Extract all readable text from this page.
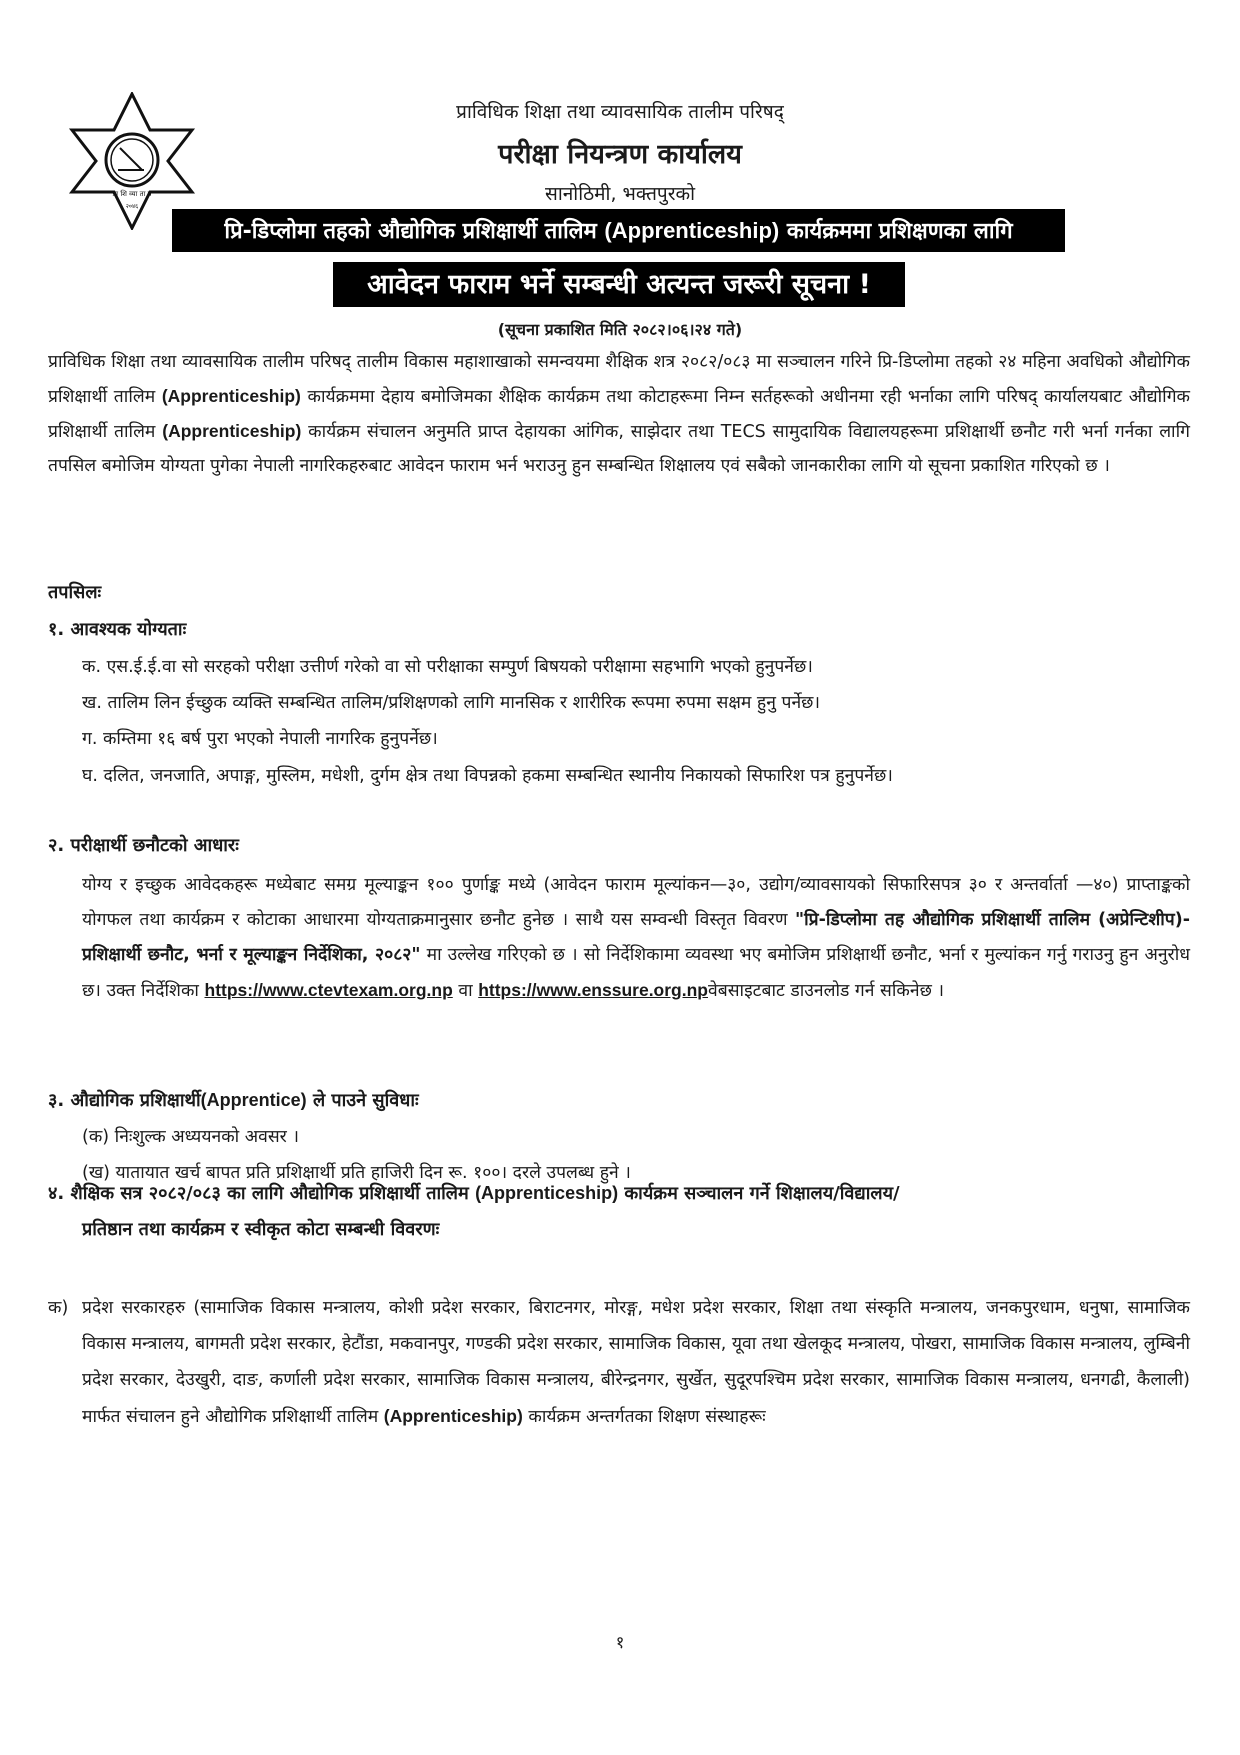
प्रा शि व्या ता प
२०४६
प्राविधिक शिक्षा तथा व्यावसायिक तालीम परिषद्
परीक्षा नियन्त्रण कार्यालय
सानोठिमी, भक्तपुरको
प्रि-डिप्लोमा तहको औद्योगिक प्रशिक्षार्थी तालिम (Apprenticeship) कार्यक्रममा प्रशिक्षणका लागि
आवेदन फाराम भर्ने सम्बन्धी अत्यन्त जरूरी सूचना !
(सूचना प्रकाशित मिति २०८२।०६।२४ गते)
प्राविधिक शिक्षा तथा व्यावसायिक तालीम परिषद् तालीम विकास महाशाखाको समन्वयमा शैक्षिक शत्र २०८२/०८३ मा सञ्चालन गरिने प्रि-डिप्लोमा तहको २४ महिना अवधिको औद्योगिक प्रशिक्षार्थी तालिम (Apprenticeship) कार्यक्रममा देहाय बमोजिमका शैक्षिक कार्यक्रम तथा कोटाहरूमा निम्न सर्तहरूको अधीनमा रही भर्नाका लागि परिषद् कार्यालयबाट औद्योगिक प्रशिक्षार्थी तालिम (Apprenticeship) कार्यक्रम संचालन अनुमति प्राप्त देहायका आंगिक, साझेदार तथा TECS सामुदायिक विद्यालयहरूमा प्रशिक्षार्थी छनौट गरी भर्ना गर्नका लागि तपसिल बमोजिम योग्यता पुगेका नेपाली नागरिकहरुबाट आवेदन फाराम भर्न भराउनु हुन सम्बन्धित शिक्षालय एवं सबैको जानकारीका लागि यो सूचना प्रकाशित गरिएको छ ।
तपसिलः
१. आवश्यक योग्यताः
क. एस.ई.ई.वा सो सरहको परीक्षा उत्तीर्ण गरेको वा सो परीक्षाका सम्पुर्ण बिषयको परीक्षामा सहभागि भएको हुनुपर्नेछ।
ख. तालिम लिन ईच्छुक व्यक्ति सम्बन्धित तालिम/प्रशिक्षणको लागि मानसिक र शारीरिक रूपमा रुपमा सक्षम हुनु पर्नेछ।
ग. कम्तिमा १६ बर्ष पुरा भएको नेपाली नागरिक हुनुपर्नेछ।
घ. दलित, जनजाति, अपाङ्ग, मुस्लिम, मधेशी, दुर्गम क्षेत्र तथा विपन्नको हकमा सम्बन्धित स्थानीय निकायको सिफारिश पत्र हुनुपर्नेछ।
२. परीक्षार्थी छनौटको आधारः
योग्य र इच्छुक आवेदकहरू मध्येबाट समग्र मूल्याङ्कन १०० पुर्णाङ्क मध्ये (आवेदन फाराम मूल्यांकन—३०, उद्योग/व्यावसायको सिफारिसपत्र ३० र अन्तर्वार्ता —४०) प्राप्ताङ्कको योगफल तथा कार्यक्रम र कोटाका आधारमा योग्यताक्रमानुसार छनौट हुनेछ । साथै यस सम्वन्धी विस्तृत विवरण "प्रि-डिप्लोमा तह औद्योगिक प्रशिक्षार्थी तालिम (अप्रेन्टिशीप)- प्रशिक्षार्थी छनौट, भर्ना र मूल्याङ्कन निर्देशिका, २०८२" मा उल्लेख गरिएको छ । सो निर्देशिकामा व्यवस्था भए बमोजिम प्रशिक्षार्थी छनौट, भर्ना र मुल्यांकन गर्नु गराउनु हुन अनुरोध छ। उक्त निर्देशिका https://www.ctevtexam.org.np वा https://www.enssure.org.npवेबसाइटबाट डाउनलोड गर्न सकिनेछ ।
३. औद्योगिक प्रशिक्षार्थी(Apprentice) ले पाउने सुविधाः
(क) निःशुल्क अध्ययनको अवसर ।
(ख) यातायात खर्च बापत प्रति प्रशिक्षार्थी प्रति हाजिरी दिन रू. १००। दरले उपलब्ध हुने ।
४. शैक्षिक सत्र २०८२/०८३ का लागि औद्योगिक प्रशिक्षार्थी तालिम (Apprenticeship) कार्यक्रम सञ्चालन गर्ने शिक्षालय/विद्यालय/
प्रतिष्ठान तथा कार्यक्रम र स्वीकृत कोटा सम्बन्धी विवरणः
क) प्रदेश सरकारहरु (सामाजिक विकास मन्त्रालय, कोशी प्रदेश सरकार, बिराटनगर, मोरङ्ग, मधेश प्रदेश सरकार, शिक्षा तथा संस्कृति मन्त्रालय, जनकपुरधाम, धनुषा, सामाजिक विकास मन्त्रालय, बागमती प्रदेश सरकार, हेटौंडा, मकवानपुर, गण्डकी प्रदेश सरकार, सामाजिक विकास, यूवा तथा खेलकूद मन्त्रालय, पोखरा, सामाजिक विकास मन्त्रालय, लुम्बिनी प्रदेश सरकार, देउखुरी, दाङ, कर्णाली प्रदेश सरकार, सामाजिक विकास मन्त्रालय, बीरेन्द्रनगर, सुर्खेत, सुदूरपश्चिम प्रदेश सरकार, सामाजिक विकास मन्त्रालय, धनगढी, कैलाली) मार्फत संचालन हुने औद्योगिक प्रशिक्षार्थी तालिम (Apprenticeship) कार्यक्रम अन्तर्गतका शिक्षण संस्थाहरूः
१
